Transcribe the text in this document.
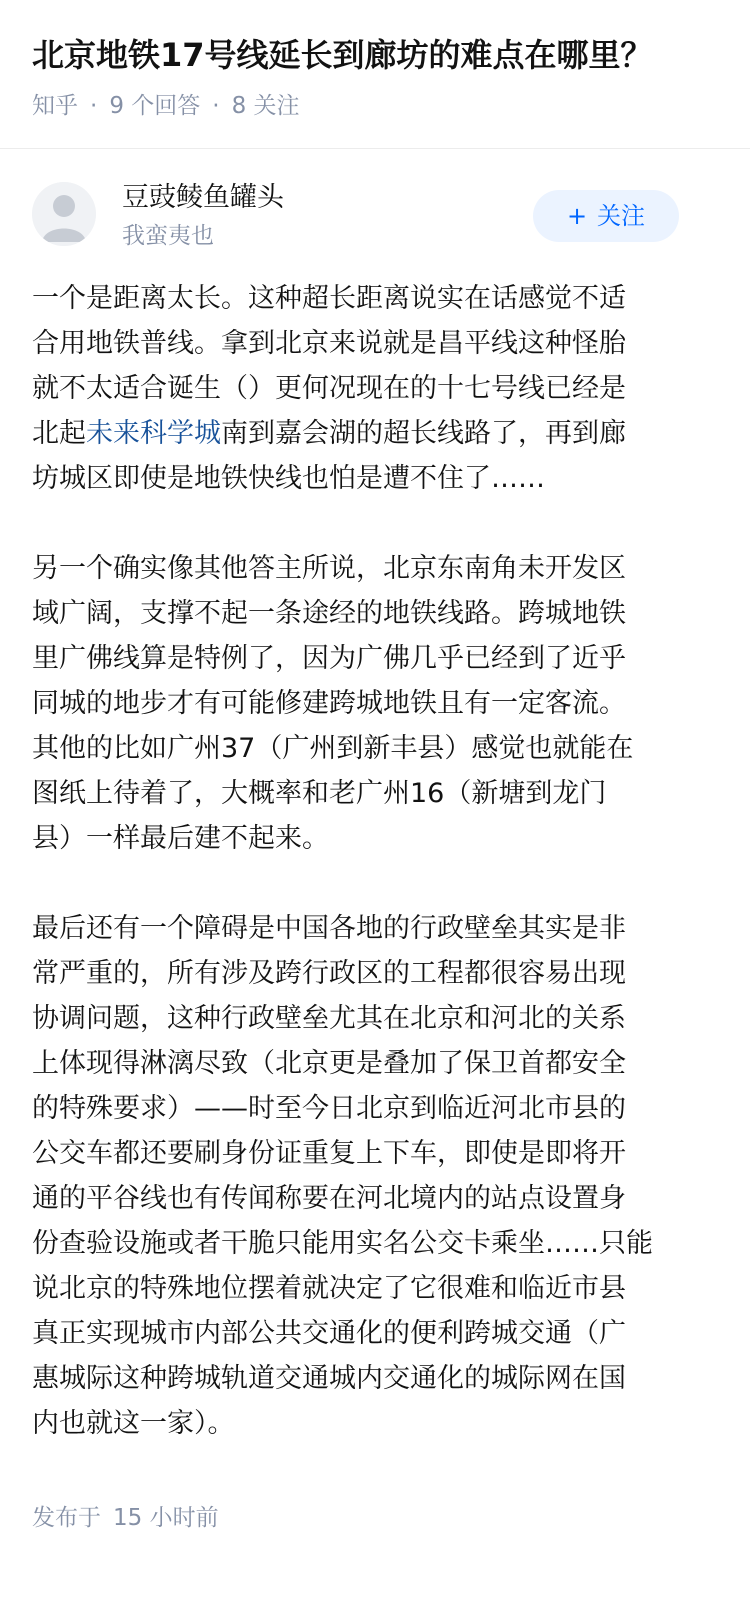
北京地铁17号线延长到廊坊的难点在哪里？
知乎 · 9 个回答 · 8 关注
豆豉鲮鱼罐头
我蛮夷也
+ 关注

一个是距离太长。这种超长距离说实在话感觉不适
合用地铁普线。拿到北京来说就是昌平线这种怪胎
就不太适合诞生（）更何况现在的十七号线已经是
北起未来科学城南到嘉会湖的超长线路了，再到廊
坊城区即使是地铁快线也怕是遭不住了……

另一个确实像其他答主所说，北京东南角未开发区
域广阔，支撑不起一条途经的地铁线路。跨城地铁
里广佛线算是特例了，因为广佛几乎已经到了近乎
同城的地步才有可能修建跨城地铁且有一定客流。
其他的比如广州37（广州到新丰县）感觉也就能在
图纸上待着了，大概率和老广州16（新塘到龙门
县）一样最后建不起来。

最后还有一个障碍是中国各地的行政壁垒其实是非
常严重的，所有涉及跨行政区的工程都很容易出现
协调问题，这种行政壁垒尤其在北京和河北的关系
上体现得淋漓尽致（北京更是叠加了保卫首都安全
的特殊要求）——时至今日北京到临近河北市县的
公交车都还要刷身份证重复上下车，即使是即将开
通的平谷线也有传闻称要在河北境内的站点设置身
份查验设施或者干脆只能用实名公交卡乘坐……只能
说北京的特殊地位摆着就决定了它很难和临近市县
真正实现城市内部公共交通化的便利跨城交通（广
惠城际这种跨城轨道交通城内交通化的城际网在国
内也就这一家）。

发布于 15 小时前
